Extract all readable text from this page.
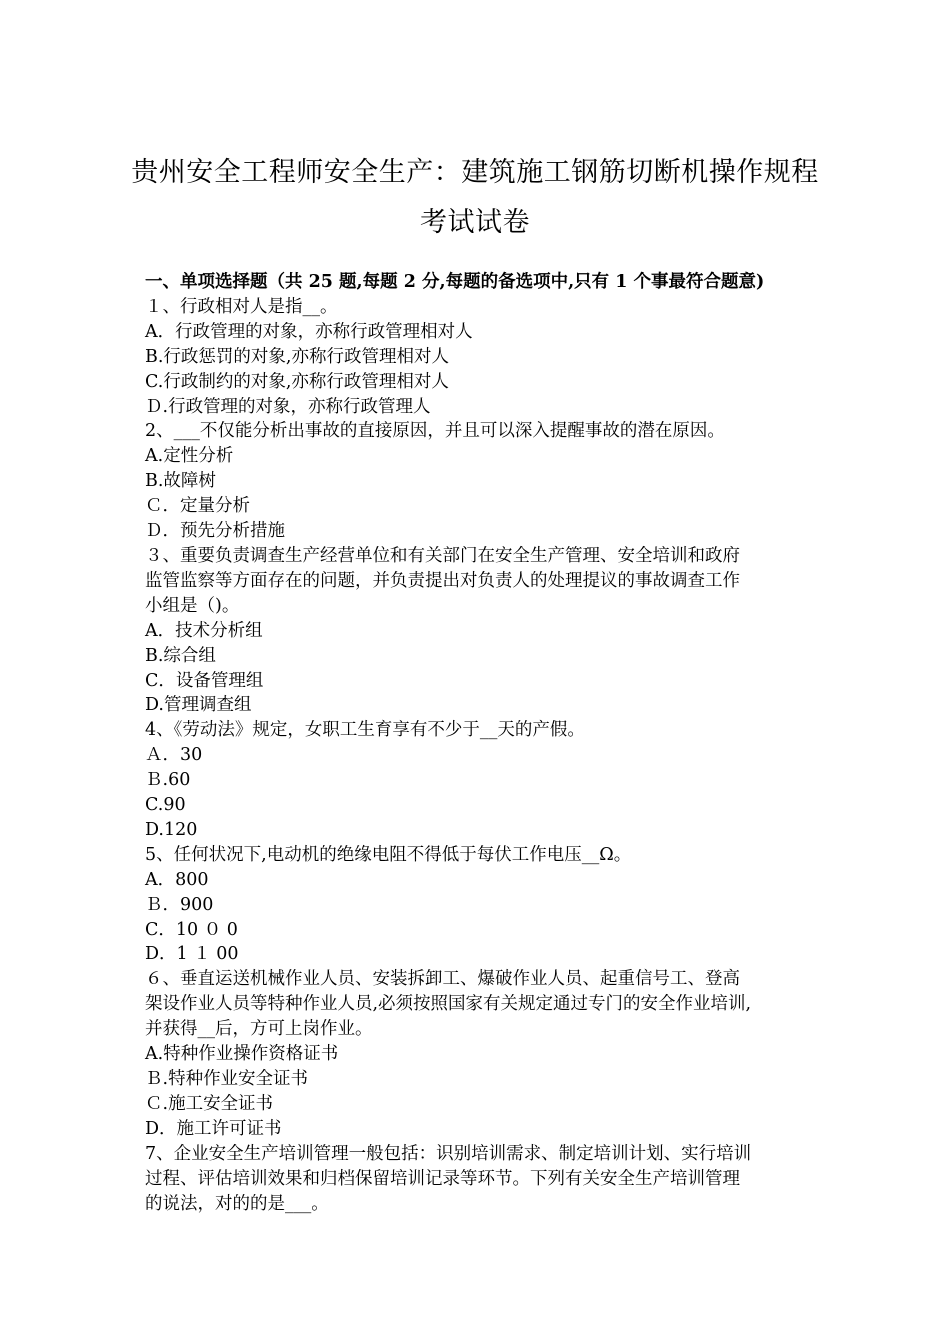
贵州安全工程师安全生产：建筑施工钢筋切断机操作规程
考试试卷
一、单项选择题（共 25 题,每题 2 分,每题的备选项中,只有 1 个事最符合题意)
１、行政相对人是指__。
A．行政管理的对象，亦称行政管理相对人
B.行政惩罚的对象,亦称行政管理相对人
C.行政制约的对象,亦称行政管理相对人
Ｄ.行政管理的对象，亦称行政管理人
2、___不仅能分析出事故的直接原因，并且可以深入提醒事故的潜在原因。
A.定性分析
B.故障树
Ｃ．定量分析
Ｄ．预先分析措施
３、重要负责调查生产经营单位和有关部门在安全生产管理、安全培训和政府
监管监察等方面存在的问题，并负责提出对负责人的处理提议的事故调查工作
小组是（)。
A．技术分析组
B.综合组
C．设备管理组
D.管理调查组
4、《劳动法》规定，女职工生育享有不少于__天的产假。
Ａ．30
Ｂ.60
C.90
D.120
5、任何状况下,电动机的绝缘电阻不得低于每伏工作电压__Ω。
A．800
Ｂ．900
C．10 ０ 0
D．1 １ 00
６、垂直运送机械作业人员、安装拆卸工、爆破作业人员、起重信号工、登高
架设作业人员等特种作业人员,必须按照国家有关规定通过专门的安全作业培训,
并获得__后，方可上岗作业。
A.特种作业操作资格证书
Ｂ.特种作业安全证书
Ｃ.施工安全证书
D．施工许可证书
7、企业安全生产培训管理一般包括：识别培训需求、制定培训计划、实行培训
过程、评估培训效果和归档保留培训记录等环节。下列有关安全生产培训管理
的说法，对的的是___。
